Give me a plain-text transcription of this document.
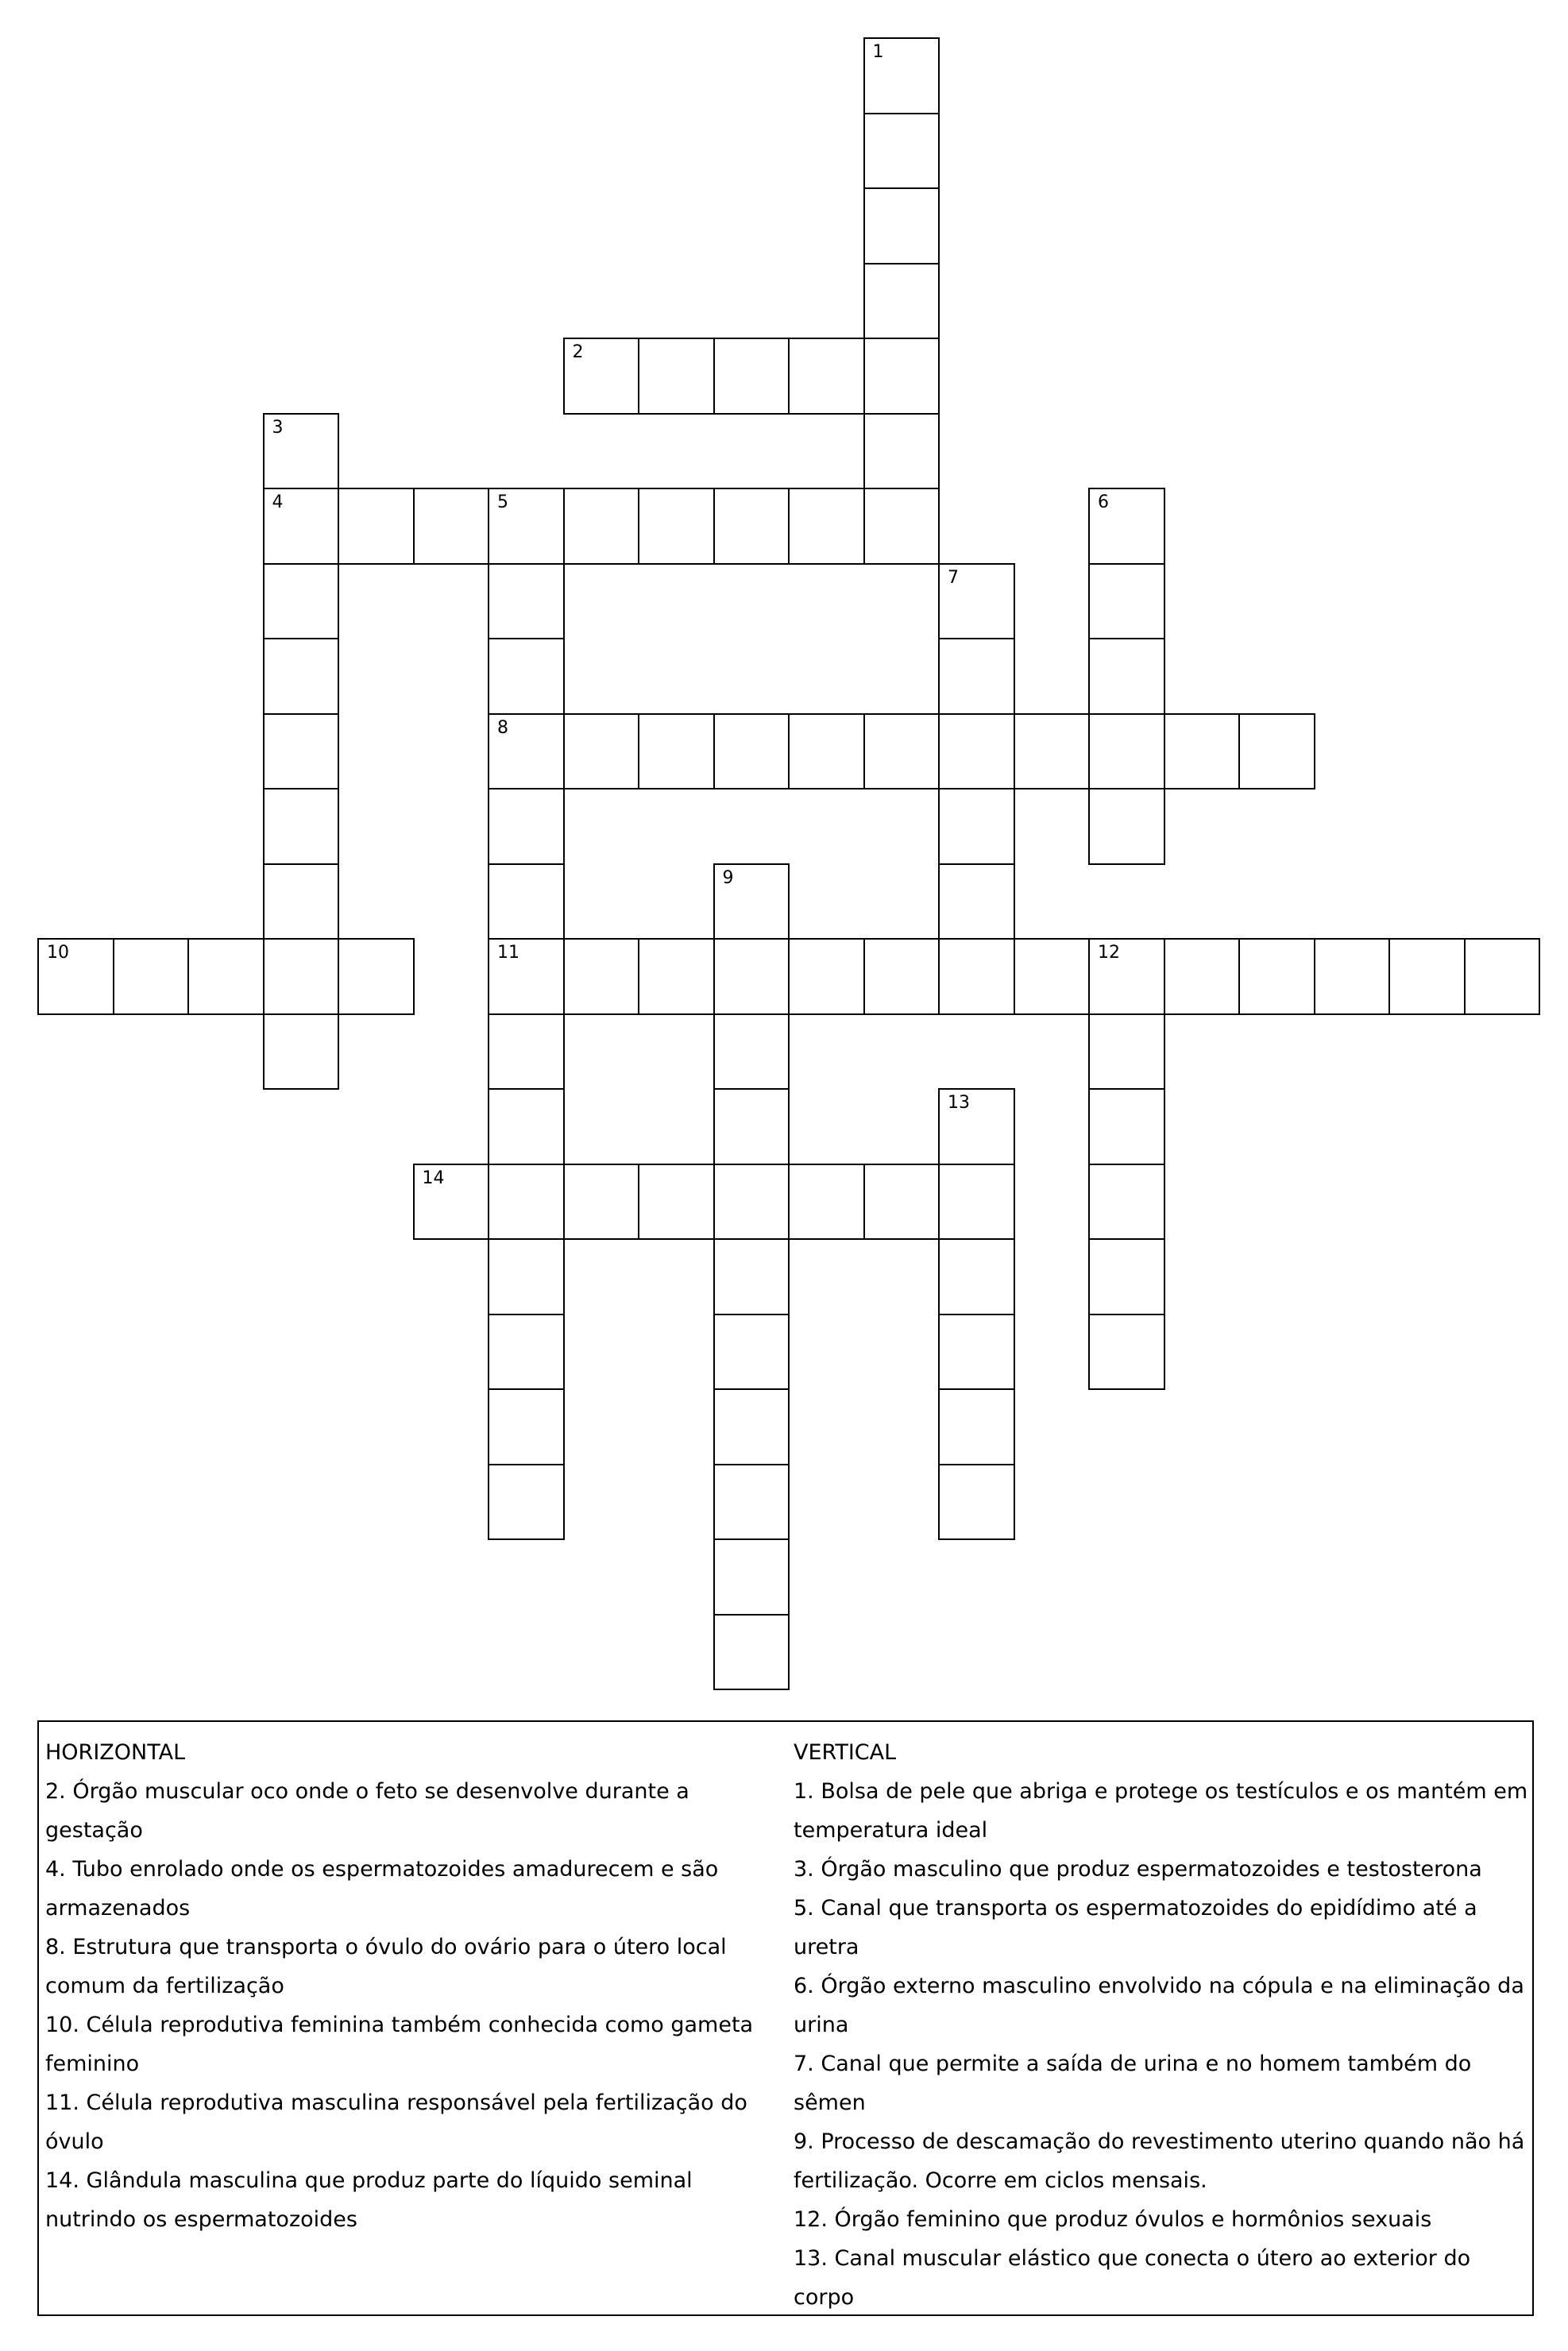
1
2
3
4	5
8
11
6
7
9
10	12
13
14
HORIZONTAL
2. Órgão muscular oco onde o feto se desenvolve durante a gestação
4. Tubo enrolado onde os espermatozoides amadurecem e são armazenados
8. Estrutura que transporta o óvulo do ovário para o útero local comum da fertilização
10. Célula reprodutiva feminina também conhecida como gameta feminino
11. Célula reprodutiva masculina responsável pela fertilização do óvulo
14. Glândula masculina que produz parte do líquido seminal nutrindo os espermatozoides
VERTICAL
1. Bolsa de pele que abriga e protege os testículos e os mantém em temperatura ideal
3. Órgão masculino que produz espermatozoides e testosterona
5. Canal que transporta os espermatozoides do epidídimo até a uretra
6. Órgão externo masculino envolvido na cópula e na eliminação da urina
7. Canal que permite a saída de urina e no homem também do sêmen
9. Processo de descamação do revestimento uterino quando não há fertilização. Ocorre em ciclos mensais.
12. Órgão feminino que produz óvulos e hormônios sexuais
13. Canal muscular elástico que conecta o útero ao exterior do corpo
